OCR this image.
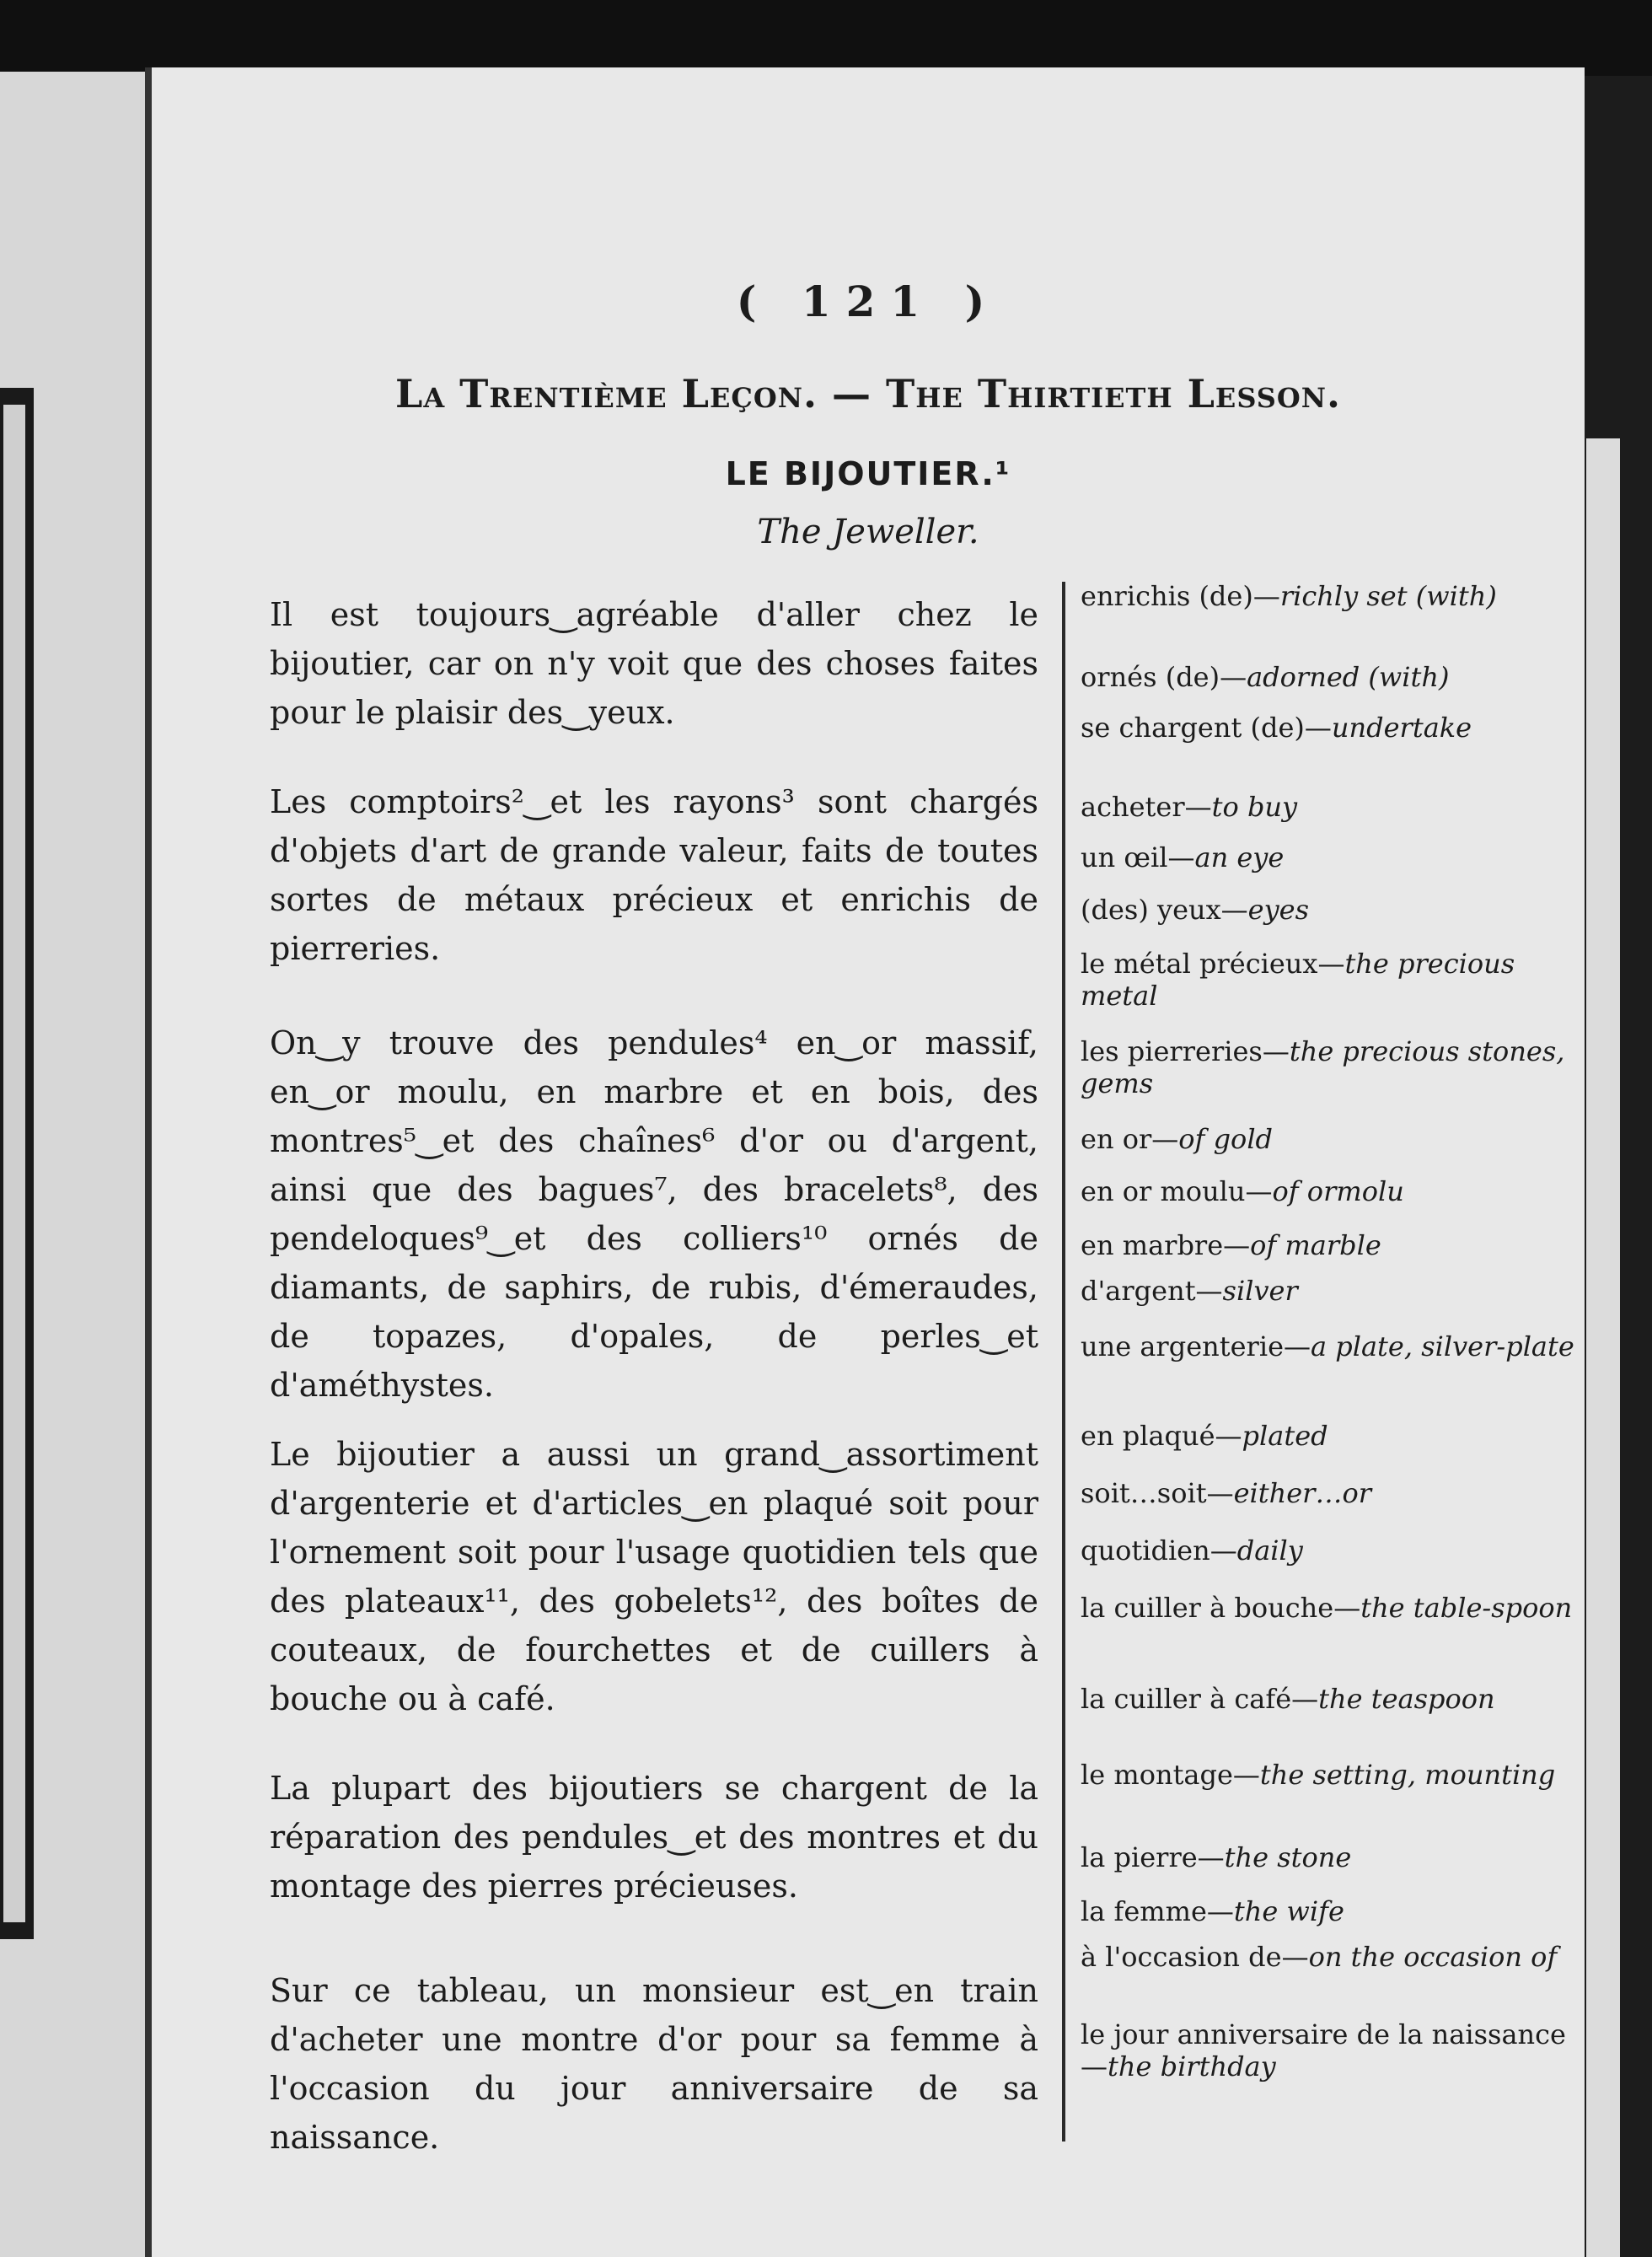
( 121 )
La Trentième Leçon. — The Thirtieth Lesson.
LE BIJOUTIER.¹
The Jeweller.

Il est toujours‿agréable d'aller chez le bijoutier, car on n'y voit que des choses faites pour le plaisir des‿yeux.

Les comptoirs²‿et les rayons³ sont chargés d'objets d'art de grande valeur, faits de toutes sortes de métaux précieux et enrichis de pierreries.

On‿y trouve des pendules⁴ en‿or massif, en‿or moulu, en marbre et en bois, des montres⁵‿et des chaînes⁶ d'or ou d'argent, ainsi que des bagues⁷, des bracelets⁸, des pendeloques⁹‿et des colliers¹⁰ ornés de diamants, de saphirs, de rubis, d'émeraudes, de topazes, d'opales, de perles‿et d'améthystes.

Le bijoutier a aussi un grand‿assortiment d'argenterie et d'articles‿en plaqué soit pour l'ornement soit pour l'usage quotidien tels que des plateaux¹¹, des gobelets¹², des boîtes de couteaux, de fourchettes et de cuillers à bouche ou à café.

La plupart des bijoutiers se chargent de la réparation des pendules‿et des montres et du montage des pierres précieuses.

Sur ce tableau, un monsieur est‿en train d'acheter une montre d'or pour sa femme à l'occasion du jour anniversaire de sa naissance.

enrichis (de)—richly set (with)
ornés (de)—adorned (with)
se chargent (de)—undertake
acheter—to buy
un œil—an eye
(des) yeux—eyes
le métal précieux—the precious metal
les pierreries—the precious stones, gems
en or—of gold
en or moulu—of ormolu
en marbre—of marble
d'argent—silver
une argenterie—a plate, silver-plate
en plaqué—plated
soit…soit—either…or
quotidien—daily
la cuiller à bouche—the table-spoon
la cuiller à café—the teaspoon
le montage—the setting, mounting
la pierre—the stone
la femme—the wife
à l'occasion de—on the occasion of
le jour anniversaire de la naissance—the birthday
